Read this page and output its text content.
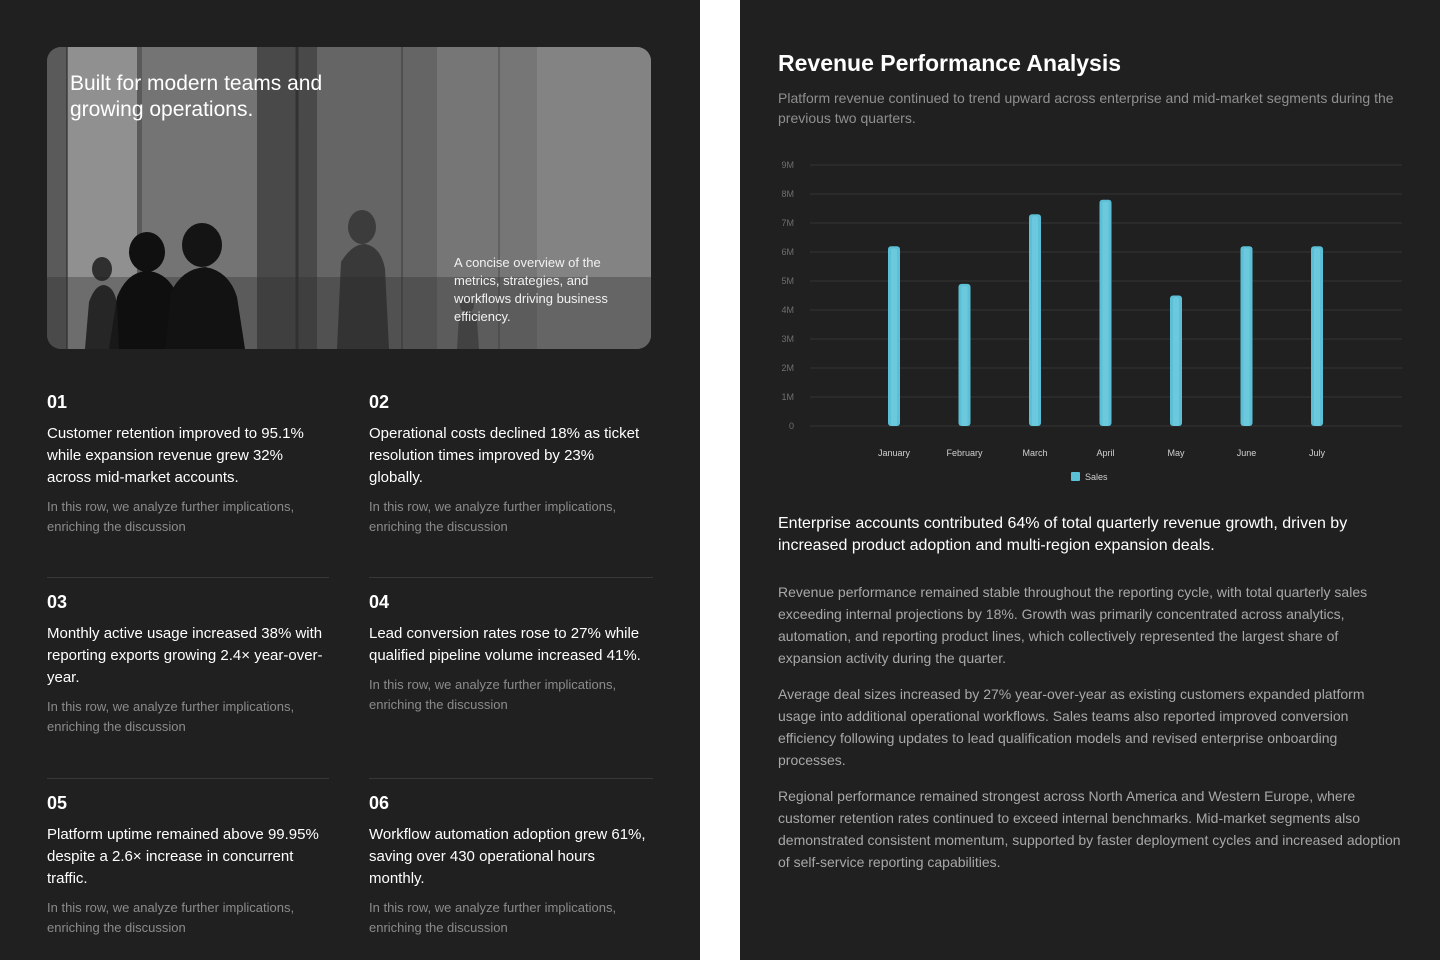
Built for modern teams and growing operations.
A concise overview of the metrics, strategies, and workflows driving business efficiency.
01
Customer retention improved to 95.1% while expansion revenue grew 32% across mid-market accounts.
In this row, we analyze further implications, enriching the discussion
02
Operational costs declined 18% as ticket resolution times improved by 23% globally.
In this row, we analyze further implications, enriching the discussion
03
Monthly active usage increased 38% with reporting exports growing 2.4× year-over-year.
In this row, we analyze further implications, enriching the discussion
04
Lead conversion rates rose to 27% while qualified pipeline volume increased 41%.
In this row, we analyze further implications, enriching the discussion
05
Platform uptime remained above 99.95% despite a 2.6× increase in concurrent traffic.
In this row, we analyze further implications, enriching the discussion
06
Workflow automation adoption grew 61%, saving over 430 operational hours monthly.
In this row, we analyze further implications, enriching the discussion
Revenue Performance Analysis
Platform revenue continued to trend upward across enterprise and mid-market segments during the previous two quarters.
0
1M
2M
3M
4M
5M
6M
7M
8M
9M
January	February	March	April	May	June	July
Sales
Enterprise accounts contributed 64% of total quarterly revenue growth, driven by increased product adoption and multi-region expansion deals.

Revenue performance remained stable throughout the reporting cycle, with total quarterly sales exceeding internal projections by 18%. Growth was primarily concentrated across analytics, automation, and reporting product lines, which collectively represented the largest share of expansion activity during the quarter.

Average deal sizes increased by 27% year-over-year as existing customers expanded platform usage into additional operational workflows. Sales teams also reported improved conversion efficiency following updates to lead qualification models and revised enterprise onboarding processes.

Regional performance remained strongest across North America and Western Europe, where customer retention rates continued to exceed internal benchmarks. Mid-market segments also demonstrated consistent momentum, supported by faster deployment cycles and increased adoption of self-service reporting capabilities.
